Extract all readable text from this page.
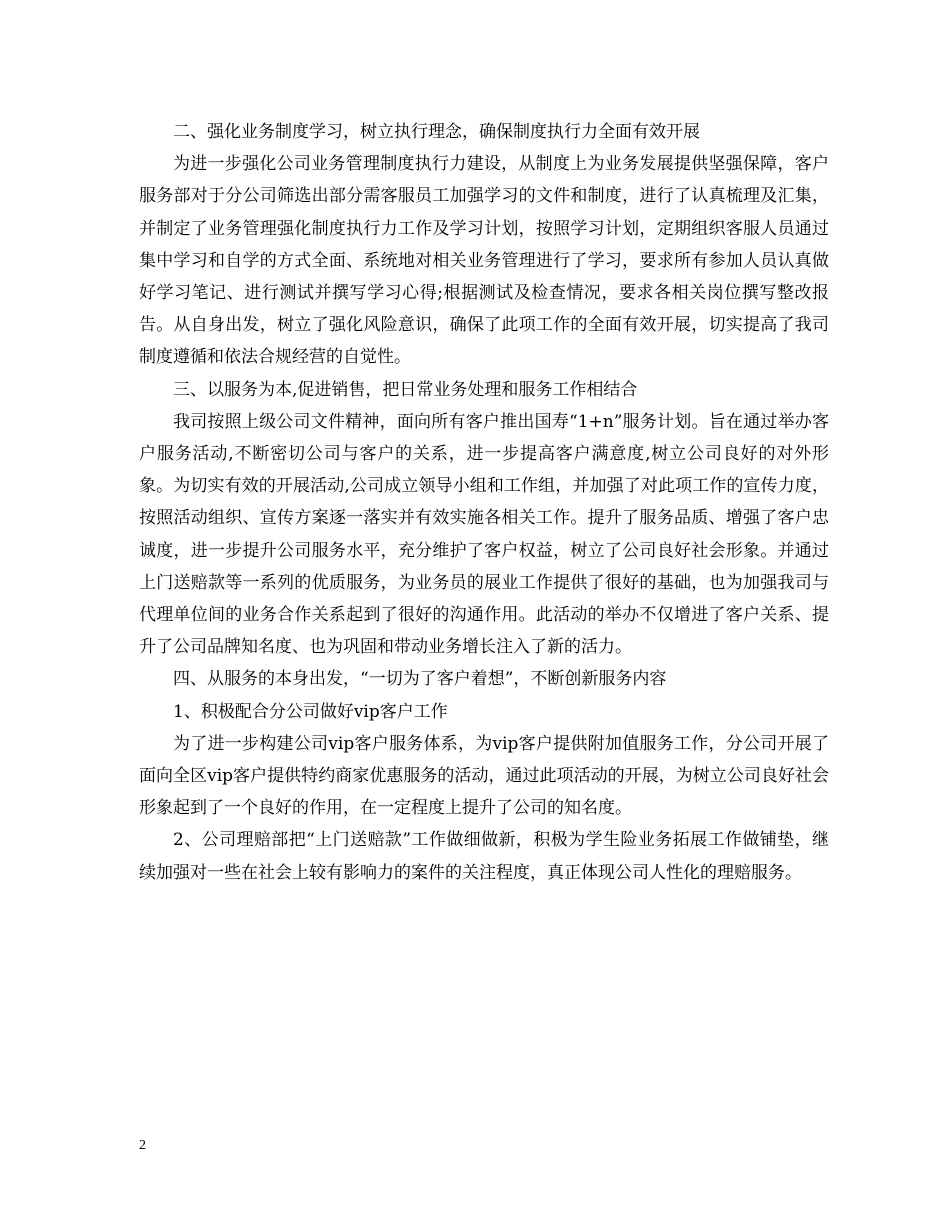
二、强化业务制度学习，树立执行理念，确保制度执行力全面有效开展

为进一步强化公司业务管理制度执行力建设，从制度上为业务发展提供坚强保障，客户服务部对于分公司筛选出部分需客服员工加强学习的文件和制度，进行了认真梳理及汇集，并制定了业务管理强化制度执行力工作及学习计划，按照学习计划，定期组织客服人员通过集中学习和自学的方式全面、系统地对相关业务管理进行了学习，要求所有参加人员认真做好学习笔记、进行测试并撰写学习心得;根据测试及检查情况，要求各相关岗位撰写整改报告。从自身出发，树立了强化风险意识，确保了此项工作的全面有效开展，切实提高了我司制度遵循和依法合规经营的自觉性。

三、以服务为本,促进销售，把日常业务处理和服务工作相结合

我司按照上级公司文件精神，面向所有客户推出国寿“1+n”服务计划。旨在通过举办客户服务活动,不断密切公司与客户的关系，进一步提高客户满意度,树立公司良好的对外形象。为切实有效的开展活动,公司成立领导小组和工作组，并加强了对此项工作的宣传力度，按照活动组织、宣传方案逐一落实并有效实施各相关工作。提升了服务品质、增强了客户忠诚度，进一步提升公司服务水平，充分维护了客户权益，树立了公司良好社会形象。并通过上门送赔款等一系列的优质服务，为业务员的展业工作提供了很好的基础，也为加强我司与代理单位间的业务合作关系起到了很好的沟通作用。此活动的举办不仅增进了客户关系、提升了公司品牌知名度、也为巩固和带动业务增长注入了新的活力。

四、从服务的本身出发，“一切为了客户着想”，不断创新服务内容

1、积极配合分公司做好vip客户工作

为了进一步构建公司vip客户服务体系，为vip客户提供附加值服务工作，分公司开展了面向全区vip客户提供特约商家优惠服务的活动，通过此项活动的开展，为树立公司良好社会形象起到了一个良好的作用，在一定程度上提升了公司的知名度。

2、公司理赔部把“上门送赔款”工作做细做新，积极为学生险业务拓展工作做铺垫，继续加强对一些在社会上较有影响力的案件的关注程度，真正体现公司人性化的理赔服务。

2
